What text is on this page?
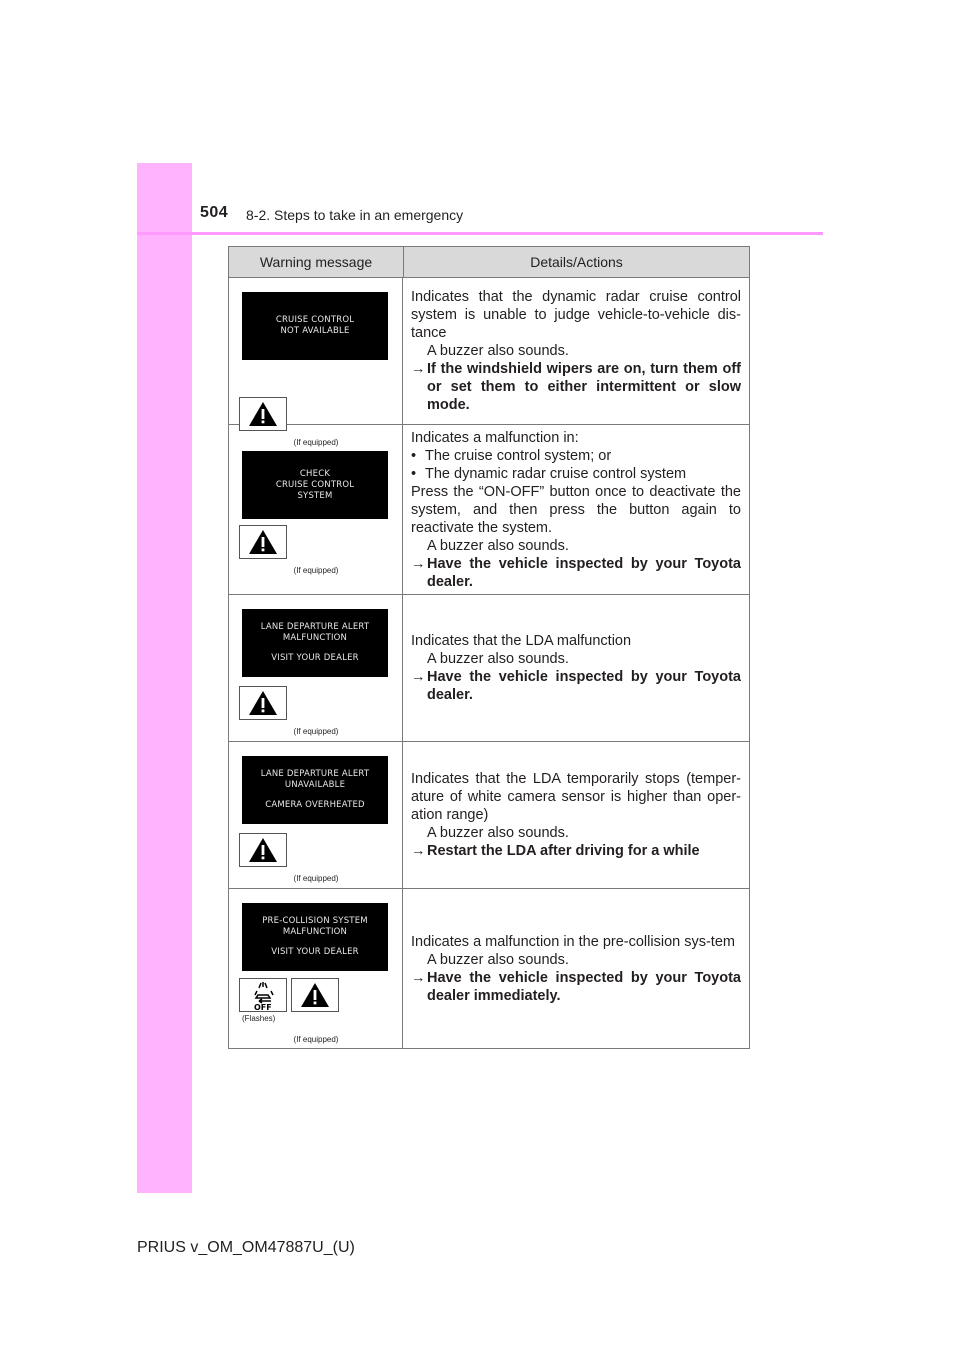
504 8-2. Steps to take in an emergency
Warning message	Details/Actions
CRUISE CONTROL
NOT AVAILABLE
(If equipped)
Indicates that the dynamic radar cruise control system is unable to judge vehicle-to-vehicle dis-tance
A buzzer also sounds.
→ If the windshield wipers are on, turn them off or set them to either intermittent or slow mode.
CHECK
CRUISE CONTROL
SYSTEM
(If equipped)
Indicates a malfunction in:
• The cruise control system; or
• The dynamic radar cruise control system
Press the “ON-OFF” button once to deactivate the system, and then press the button again to reactivate the system.
A buzzer also sounds.
→ Have the vehicle inspected by your Toyota dealer.
LANE DEPARTURE ALERT
MALFUNCTION
VISIT YOUR DEALER
(If equipped)
Indicates that the LDA malfunction
A buzzer also sounds.
→ Have the vehicle inspected by your Toyota dealer.
LANE DEPARTURE ALERT
UNAVAILABLE
CAMERA OVERHEATED
(If equipped)
Indicates that the LDA temporarily stops (temper-ature of white camera sensor is higher than oper-ation range)
A buzzer also sounds.
→ Restart the LDA after driving for a while
PRE-COLLISION SYSTEM
MALFUNCTION
VISIT YOUR DEALER
OFF
(Flashes)
(If equipped)
Indicates a malfunction in the pre-collision sys-tem
A buzzer also sounds.
→ Have the vehicle inspected by your Toyota dealer immediately.
PRIUS v_OM_OM47887U_(U)
